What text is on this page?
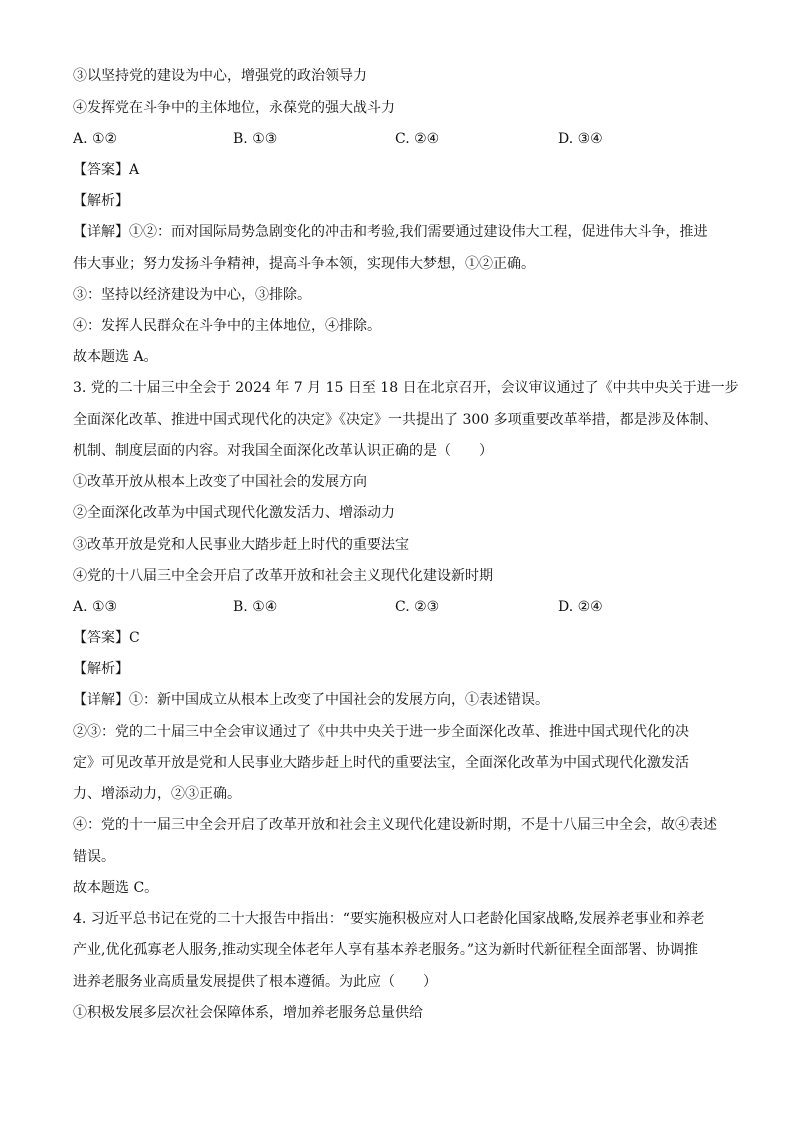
③以坚持党的建设为中心，增强党的政治领导力
④发挥党在斗争中的主体地位，永葆党的强大战斗力
A. ①②	B. ①③	C. ②④	D. ③④
【答案】A
【解析】
【详解】①②：而对国际局势急剧变化的冲击和考验,我们需要通过建设伟大工程，促进伟大斗争，推进
伟大事业；努力发扬斗争精神，提高斗争本领，实现伟大梦想，①②正确。
③：坚持以经济建设为中心，③排除。
④：发挥人民群众在斗争中的主体地位，④排除。
故本题选 A。
3. 党的二十届三中全会于 2024 年 7 月 15 日至 18 日在北京召开，会议审议通过了《中共中央关于进一步
全面深化改革、推进中国式现代化的决定》《决定》一共提出了 300 多项重要改革举措，都是涉及体制、
机制、制度层面的内容。对我国全面深化改革认识正确的是（　　）
①改革开放从根本上改变了中国社会的发展方向
②全面深化改革为中国式现代化激发活力、增添动力
③改革开放是党和人民事业大踏步赶上时代的重要法宝
④党的十八届三中全会开启了改革开放和社会主义现代化建设新时期
A. ①③	B. ①④	C. ②③	D. ②④
【答案】C
【解析】
【详解】①：新中国成立从根本上改变了中国社会的发展方向，①表述错误。
②③：党的二十届三中全会审议通过了《中共中央关于进一步全面深化改革、推进中国式现代化的决
定》可见改革开放是党和人民事业大踏步赶上时代的重要法宝，全面深化改革为中国式现代化激发活
力、增添动力，②③正确。
④：党的十一届三中全会开启了改革开放和社会主义现代化建设新时期，不是十八届三中全会，故④表述
错误。
故本题选 C。
4. 习近平总书记在党的二十大报告中指出：“要实施积极应对人口老龄化国家战略,发展养老事业和养老
产业,优化孤寡老人服务,推动实现全体老年人享有基本养老服务。”这为新时代新征程全面部署、协调推
进养老服务业高质量发展提供了根本遵循。为此应（　　）
①积极发展多层次社会保障体系，增加养老服务总量供给
